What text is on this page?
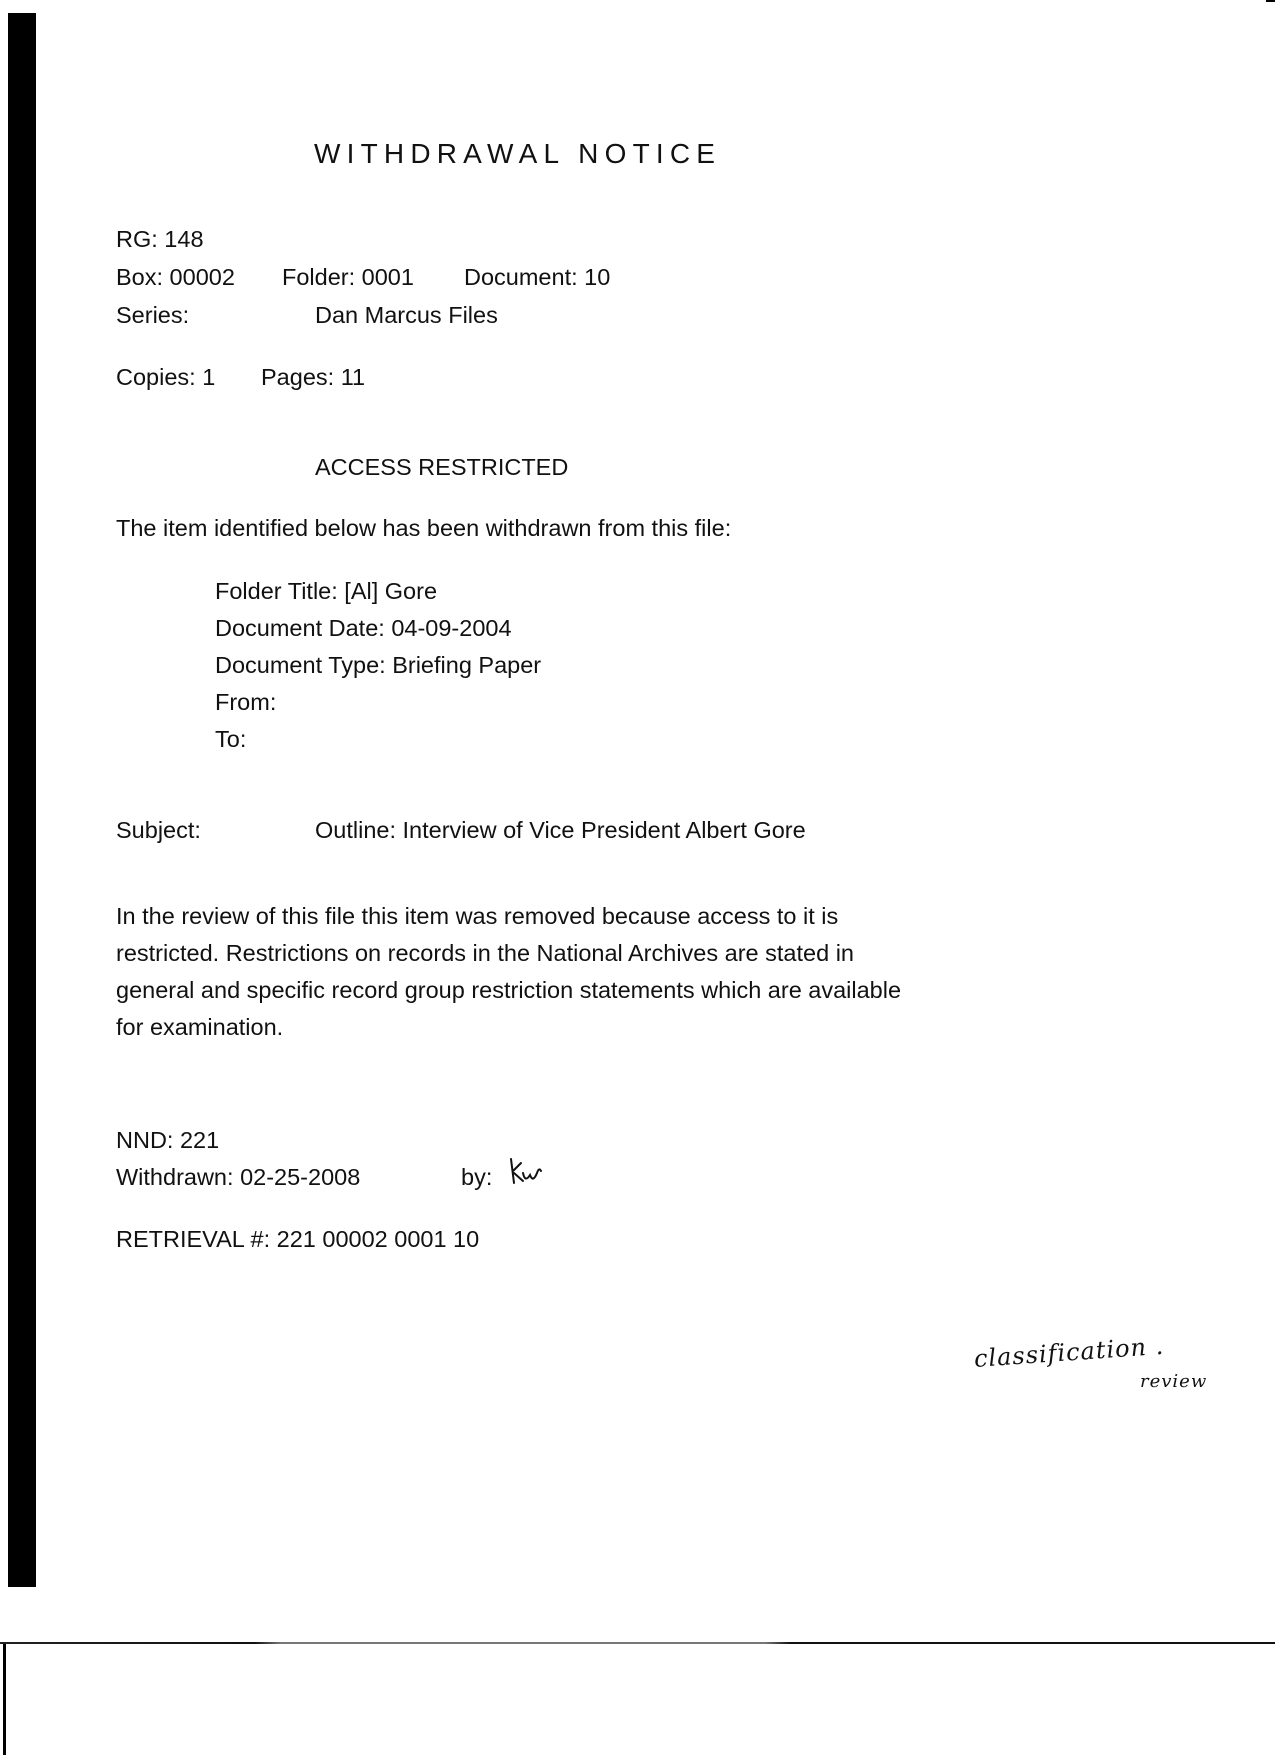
WITHDRAWAL NOTICE
RG: 148
Box: 00002 Folder: 0001 Document: 10
Series:	Dan Marcus Files
Copies: 1 Pages: 11
ACCESS RESTRICTED
The item identified below has been withdrawn from this file:
Folder Title: [Al] Gore
Document Date: 04-09-2004
Document Type: Briefing Paper
From:
To:
Subject:	Outline: Interview of Vice President Albert Gore
In the review of this file this item was removed because access to it is
restricted. Restrictions on records in the National Archives are stated in
general and specific record group restriction statements which are available
for examination.
NND: 221
Withdrawn: 02-25-2008	by:
RETRIEVAL #: 221 00002 0001 10
classification .
review
